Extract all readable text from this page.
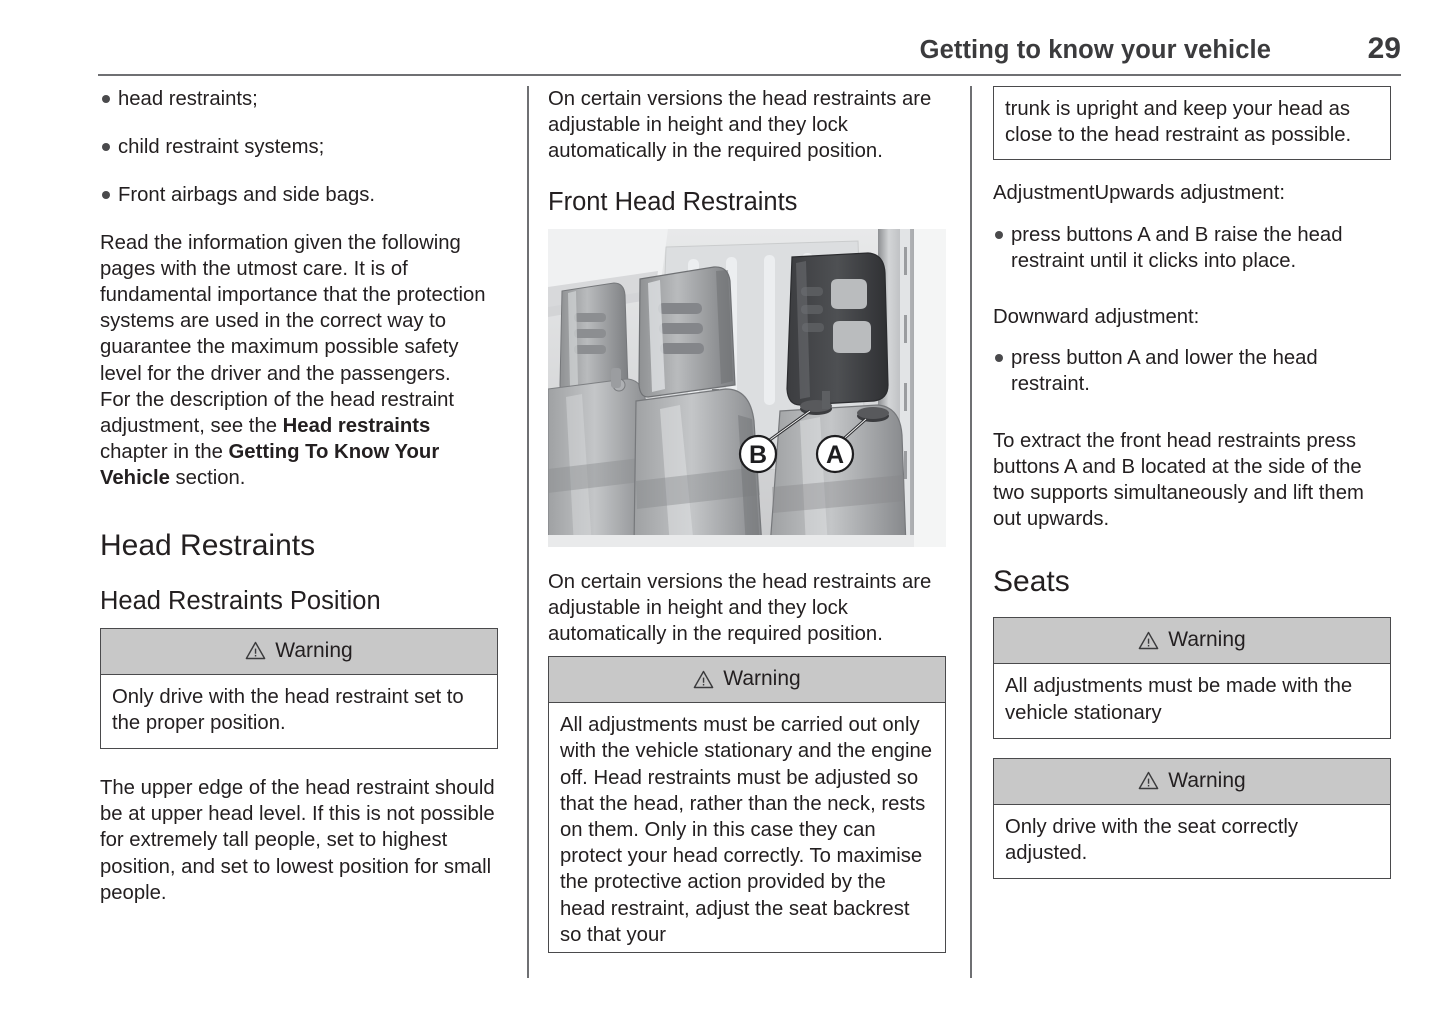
Getting to know your vehicle	29
head restraints;
child restraint systems;
Front airbags and side bags.

Read the information given the following pages with the utmost care. It is of fundamental importance that the protection systems are used in the correct way to guarantee the maximum possible safety level for the driver and the passengers.

For the description of the head restraint adjustment, see the Head restraints chapter in the Getting To Know Your Vehicle section.

Head Restraints
Head Restraints Position
Warning
Only drive with the head restraint set to the proper position.

The upper edge of the head restraint should be at upper head level. If this is not possible for extremely tall people, set to highest position, and set to lowest position for small people.

On certain versions the head restraints are adjustable in height and they lock automatically in the required position.

Front Head Restraints
B A

On certain versions the head restraints are adjustable in height and they lock automatically in the required position.

Warning
All adjustments must be carried out only with the vehicle stationary and the engine off. Head restraints must be adjusted so that the head, rather than the neck, rests on them. Only in this case they can protect your head correctly. To maximise the protective action provided by the head restraint, adjust the seat backrest so that your
trunk is upright and keep your head as close to the head restraint as possible.

AdjustmentUpwards adjustment:

press buttons A and B raise the head restraint until it clicks into place.

Downward adjustment:

press button A and lower the head restraint.

To extract the front head restraints press buttons A and B located at the side of the two supports simultaneously and lift them out upwards.

Seats
Warning
All adjustments must be made with the vehicle stationary
Warning
Only drive with the seat correctly adjusted.
